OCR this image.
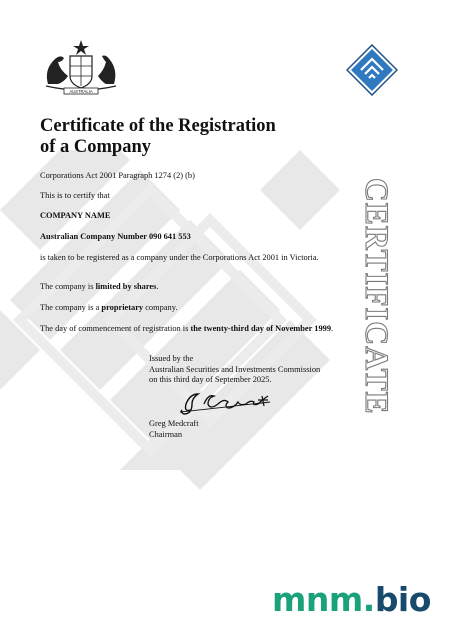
AUSTRALIA
Certificate of the Registration
of a Company
Corporations Act 2001 Paragraph 1274 (2) (b)
This is to certify that
COMPANY NAME
Australian Company Number 090 641 553
is taken to be registered as a company under the Corporations Act 2001 in Victoria.
The company is limited by shares.
The company is a proprietary company.
The day of commencement of registration is the twenty-third day of November 1999.
Issued by the
Australian Securities and Investments Commission
on this third day of September 2025.
Greg Medcraft
Chairman
CERTIFICATE
mnm.bio
